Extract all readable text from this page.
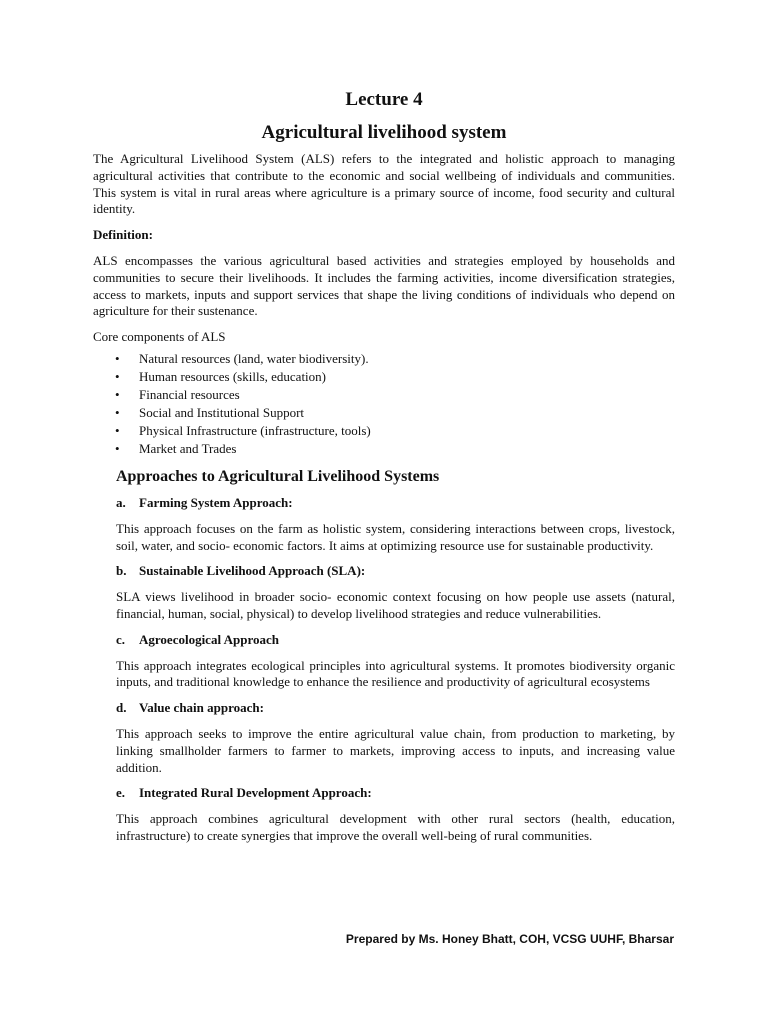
Lecture 4
Agricultural livelihood system

The Agricultural Livelihood System (ALS) refers to the integrated and holistic approach to managing agricultural activities that contribute to the economic and social wellbeing of individuals and communities. This system is vital in rural areas where agriculture is a primary source of income, food security and cultural identity.

Definition:

ALS encompasses the various agricultural based activities and strategies employed by households and communities to secure their livelihoods. It includes the farming activities, income diversification strategies, access to markets, inputs and support services that shape the living conditions of individuals who depend on agriculture for their sustenance.

Core components of ALS

• Natural resources (land, water biodiversity).
• Human resources (skills, education)
• Financial resources
• Social and Institutional Support
• Physical Infrastructure (infrastructure, tools)
• Market and Trades
Approaches to Agricultural Livelihood Systems
a.	Farming System Approach:

This approach focuses on the farm as holistic system, considering interactions between crops, livestock, soil, water, and socio- economic factors. It aims at optimizing resource use for sustainable productivity.

b. Sustainable Livelihood Approach (SLA):

SLA views livelihood in broader socio- economic context focusing on how people use assets (natural, financial, human, social, physical) to develop livelihood strategies and reduce vulnerabilities.

c.	Agroecological Approach

This approach integrates ecological principles into agricultural systems. It promotes biodiversity organic inputs, and traditional knowledge to enhance the resilience and productivity of agricultural ecosystems

d. Value chain approach:

This approach seeks to improve the entire agricultural value chain, from production to marketing, by linking smallholder farmers to farmer to markets, improving access to inputs, and increasing value addition.

e.	Integrated Rural Development Approach:

This approach combines agricultural development with other rural sectors (health, education, infrastructure) to create synergies that improve the overall well-being of rural communities.

Prepared by Ms. Honey Bhatt, COH, VCSG UUHF, Bharsar
